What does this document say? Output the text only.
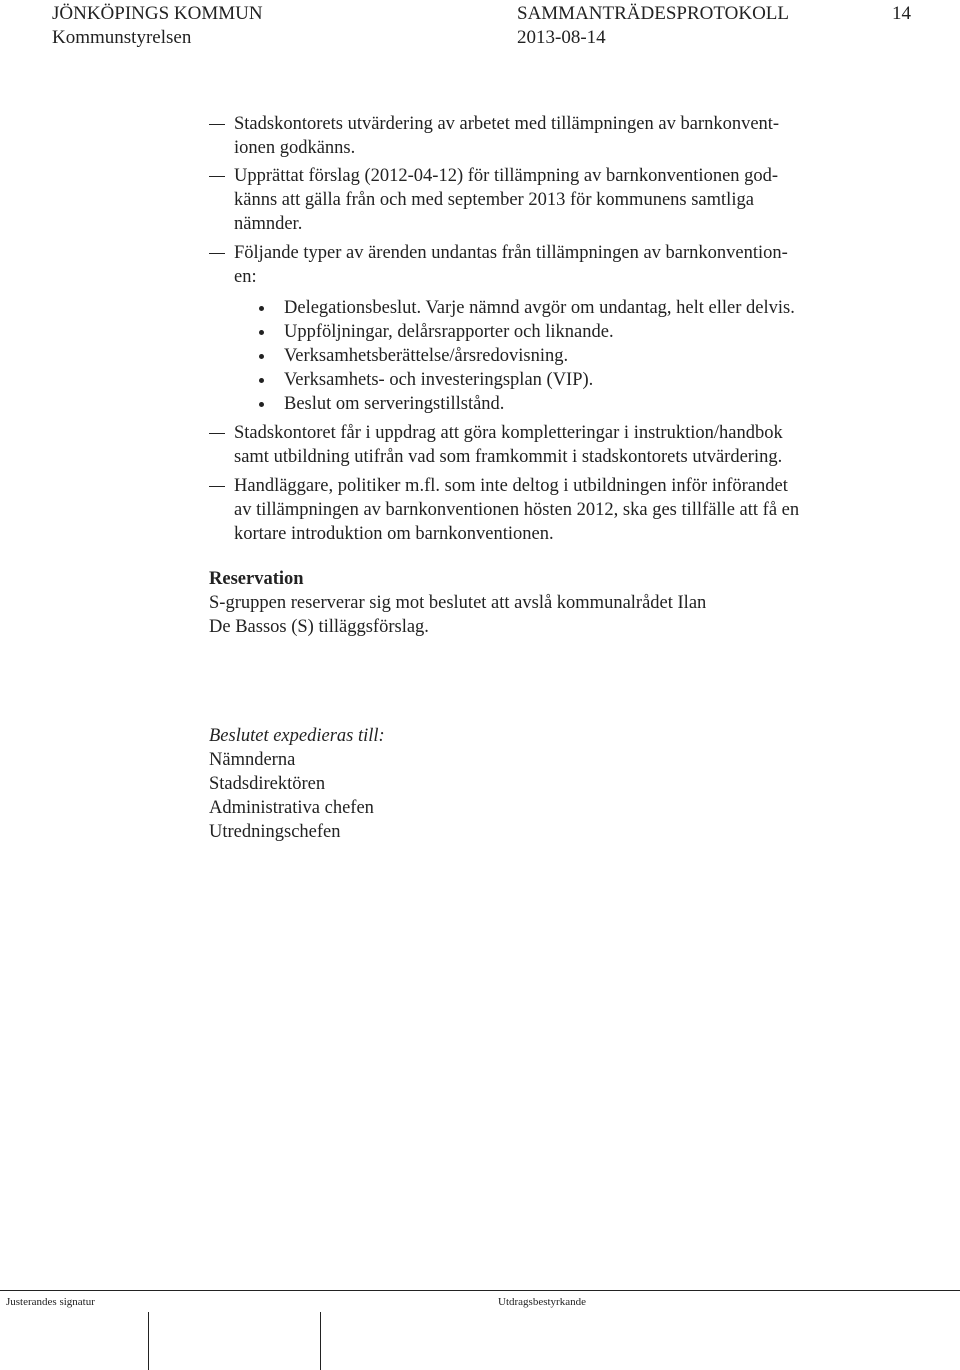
JÖNKÖPINGS KOMMUN
Kommunstyrelsen
SAMMANTRÄDESPROTOKOLL
2013-08-14
14
Stadskontorets utvärdering av arbetet med tillämpningen av barnkonvent-
ionen godkänns.
Upprättat förslag (2012-04-12) för tillämpning av barnkonventionen god-
känns att gälla från och med september 2013 för kommunens samtliga
nämnder.
Följande typer av ärenden undantas från tillämpningen av barnkonvention-
en:
Delegationsbeslut. Varje nämnd avgör om undantag, helt eller delvis.
Uppföljningar, delårsrapporter och liknande.
Verksamhetsberättelse/årsredovisning.
Verksamhets- och investeringsplan (VIP).
Beslut om serveringstillstånd.
Stadskontoret får i uppdrag att göra kompletteringar i instruktion/handbok
samt utbildning utifrån vad som framkommit i stadskontorets utvärdering.
Handläggare, politiker m.fl. som inte deltog i utbildningen inför införandet
av tillämpningen av barnkonventionen hösten 2012, ska ges tillfälle att få en
kortare introduktion om barnkonventionen.
Reservation
S-gruppen reserverar sig mot beslutet att avslå kommunalrådet Ilan
De Bassos (S) tilläggsförslag.
Beslutet expedieras till:
Nämnderna
Stadsdirektören
Administrativa chefen
Utredningschefen
Justerandes signatur	Utdragsbestyrkande
